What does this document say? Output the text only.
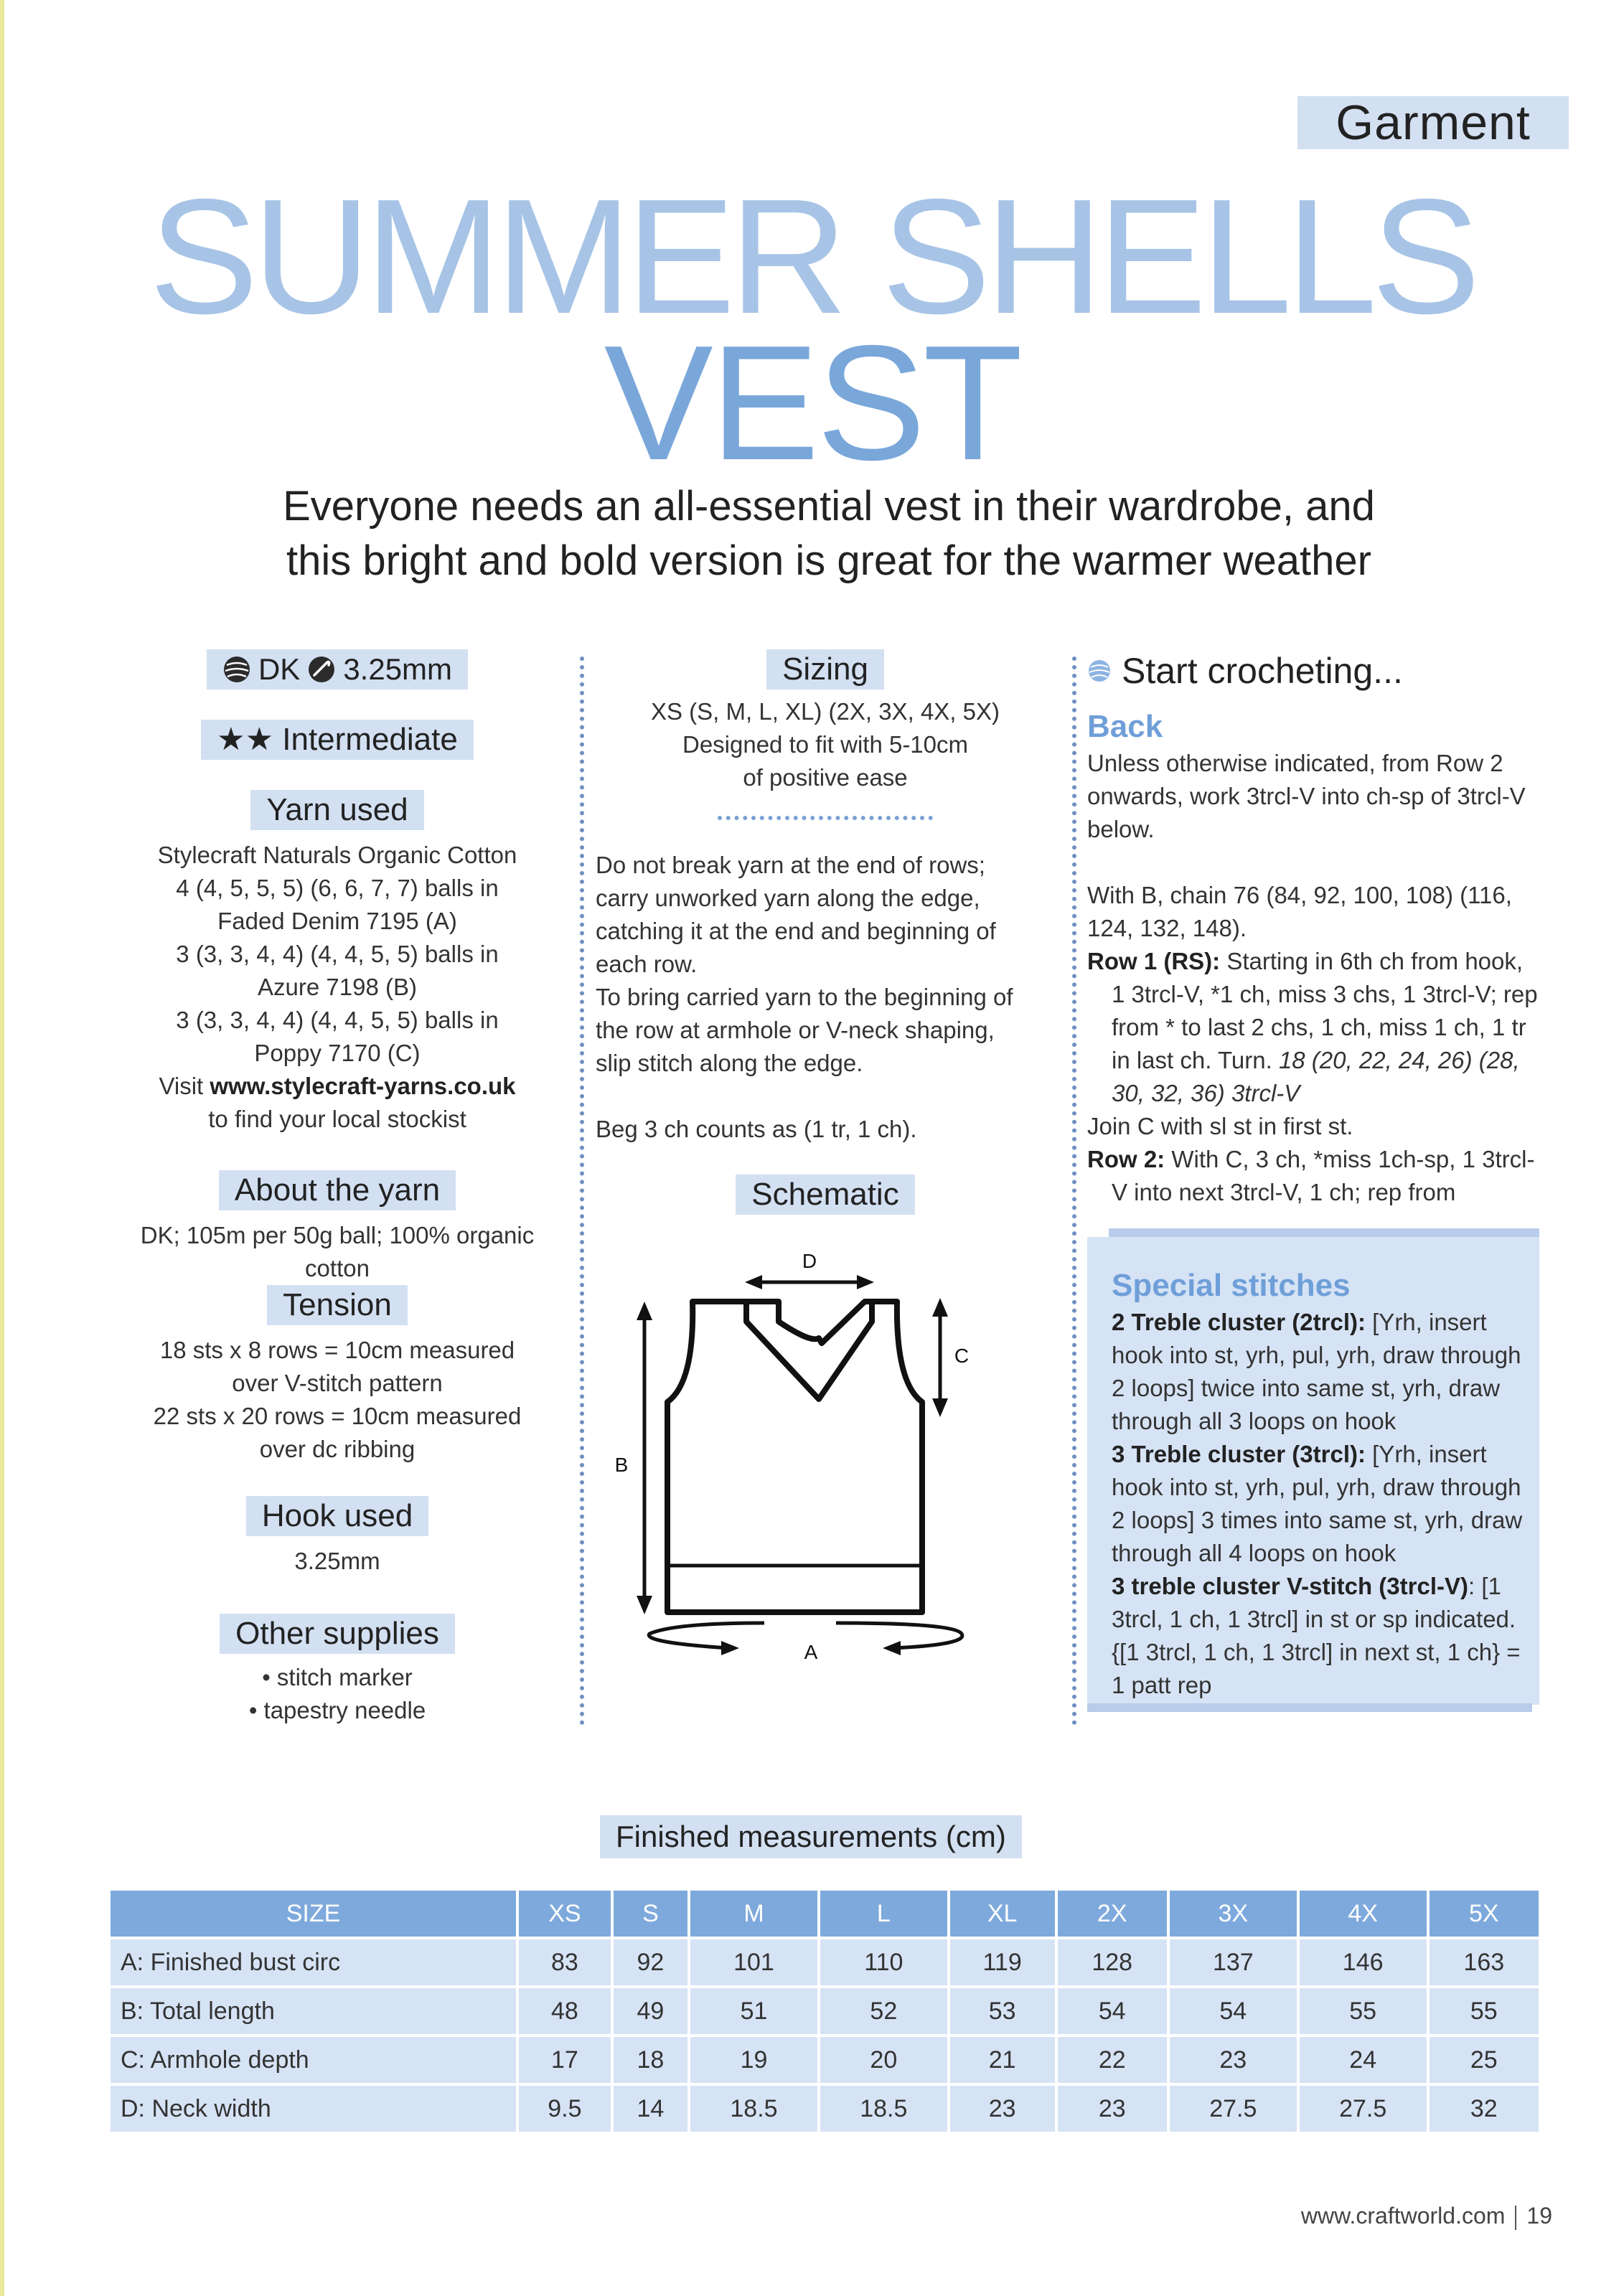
Garment
SUMMER SHELLS
VEST
Everyone needs an all-essential vest in their wardrobe, and
this bright and bold version is great for the warmer weather
DK 3.25mm
★★ Intermediate
Yarn used
Stylecraft Naturals Organic Cotton
4 (4, 5, 5, 5) (6, 6, 7, 7) balls in
Faded Denim 7195 (A)
3 (3, 3, 4, 4) (4, 4, 5, 5) balls in
Azure 7198 (B)
3 (3, 3, 4, 4) (4, 4, 5, 5) balls in
Poppy 7170 (C)
Visit www.stylecraft-yarns.co.uk
to find your local stockist
About the yarn
DK; 105m per 50g ball; 100% organic cotton
Tension
18 sts x 8 rows = 10cm measured
over V-stitch pattern
22 sts x 20 rows = 10cm measured
over dc ribbing
Hook used
3.25mm
Other supplies
• stitch marker
• tapestry needle
Sizing
XS (S, M, L, XL) (2X, 3X, 4X, 5X)
Designed to fit with 5-10cm
of positive ease
Do not break yarn at the end of rows; carry unworked yarn along the edge, catching it at the end and beginning of each row.
To bring carried yarn to the beginning of the row at armhole or V-neck shaping, slip stitch along the edge.
Beg 3 ch counts as (1 tr, 1 ch).
Schematic
D
C
B
A
Start crocheting...
Back
Unless otherwise indicated, from Row 2 onwards, work 3trcl-V into ch-sp of 3trcl-V below.
With B, chain 76 (84, 92, 100, 108) (116, 124, 132, 148).
Row 1 (RS): Starting in 6th ch from hook, 1 3trcl-V, *1 ch, miss 3 chs, 1 3trcl-V; rep from * to last 2 chs, 1 ch, miss 1 ch, 1 tr in last ch. Turn. 18 (20, 22, 24, 26) (28, 30, 32, 36) 3trcl-V
Join C with sl st in first st.
Row 2: With C, 3 ch, *miss 1ch-sp, 1 3trcl-V into next 3trcl-V, 1 ch; rep from
Special stitches
2 Treble cluster (2trcl): [Yrh, insert hook into st, yrh, pul, yrh, draw through 2 loops] twice into same st, yrh, draw through all 3 loops on hook
3 Treble cluster (3trcl): [Yrh, insert hook into st, yrh, pul, yrh, draw through 2 loops] 3 times into same st, yrh, draw through all 4 loops on hook
3 treble cluster V-stitch (3trcl-V): [1 3trcl, 1 ch, 1 3trcl] in st or sp indicated. {[1 3trcl, 1 ch, 1 3trcl] in next st, 1 ch} = 1 patt rep
Finished measurements (cm)
SIZE	XS	S	M	L	XL	2X	3X	4X	5X
A: Finished bust circ	83	92	101	110	119	128	137	146	163
B: Total length	48	49	51	52	53	54	54	55	55
C: Armhole depth	17	18	19	20	21	22	23	24	25
D: Neck width	9.5	14	18.5	18.5	23	23	27.5	27.5	32
www.craftworld.com 19
